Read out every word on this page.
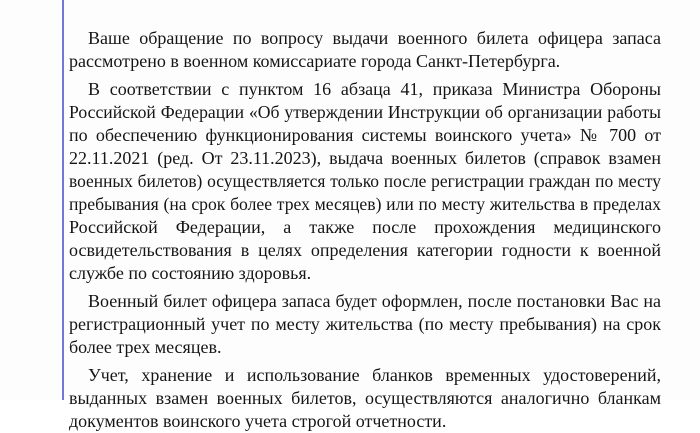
Ваше обращение по вопросу выдачи военного билета офицера запаса
рассмотрено в военном комиссариате города Санкт-Петербурга.
В соответствии с пунктом 16 абзаца 41, приказа Министра Обороны
Российской Федерации «Об утверждении Инструкции об организации работы
по обеспечению функционирования системы воинского учета» № 700 от
22.11.2021 (ред. От 23.11.2023), выдача военных билетов (справок взамен
военных билетов) осуществляется только после регистрации граждан по месту
пребывания (на срок более трех месяцев) или по месту жительства в пределах
Российской Федерации, а также после прохождения медицинского
освидетельствования в целях определения категории годности к военной
службе по состоянию здоровья.
Военный билет офицера запаса будет оформлен, после постановки Вас на
регистрационный учет по месту жительства (по месту пребывания) на срок
более трех месяцев.
Учет, хранение и использование бланков временных удостоверений,
выданных взамен военных билетов, осуществляются аналогично бланкам
документов воинского учета строгой отчетности.
